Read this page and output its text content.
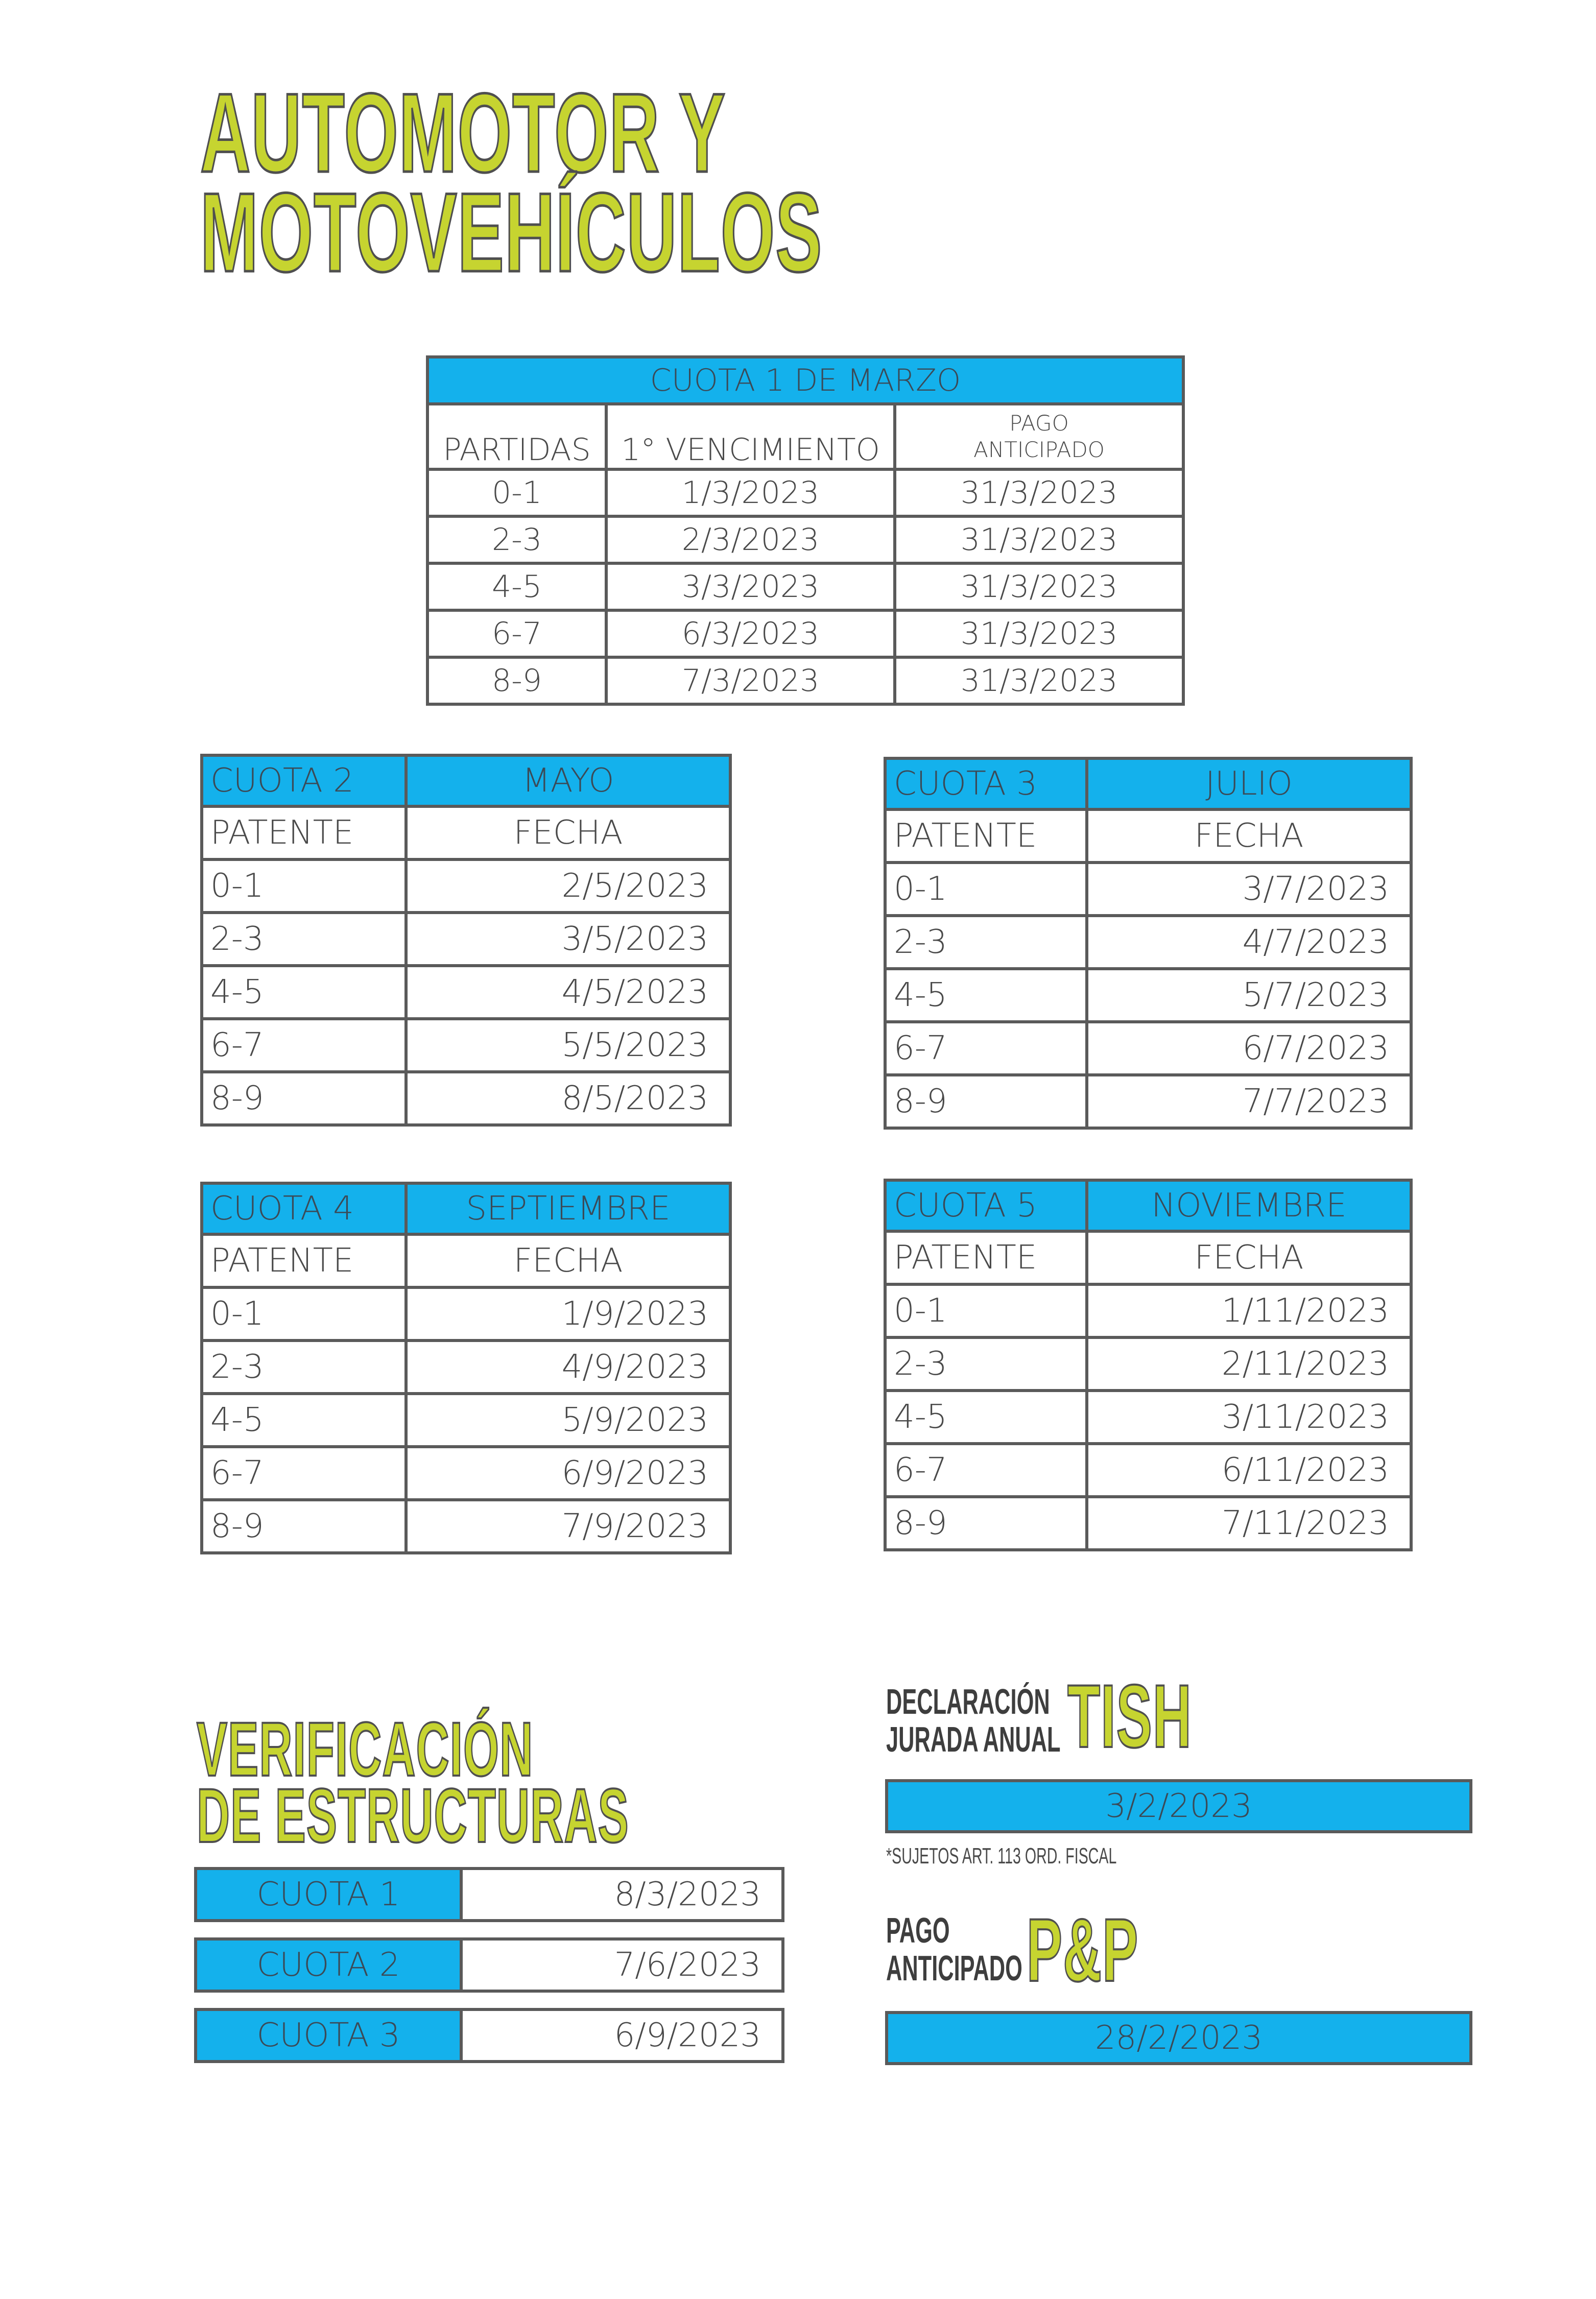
AUTOMOTOR Y
MOTOVEHÍCULOS
CUOTA 1 DE MARZO		
PARTIDAS	1° VENCIMIENTO	PAGO
ANTICIPADO

0-1	1/3/2023	31/3/2023
2-3	2/3/2023	31/3/2023
4-5	3/3/2023	31/3/2023
6-7	6/3/2023	31/3/2023
8-9	7/3/2023	31/3/2023
CUOTA 2	MAYO
PATENTE	FECHA
0-1	2/5/2023
2-3	3/5/2023
4-5	4/5/2023
6-7	5/5/2023
8-9	8/5/2023
CUOTA 3	JULIO
PATENTE	FECHA
0-1	3/7/2023
2-3	4/7/2023
4-5	5/7/2023
6-7	6/7/2023
8-9	7/7/2023
CUOTA 4	SEPTIEMBRE
PATENTE	FECHA
0-1	1/9/2023
2-3	4/9/2023
4-5	5/9/2023
6-7	6/9/2023
8-9	7/9/2023
CUOTA 5	NOVIEMBRE
PATENTE	FECHA
0-1	1/11/2023
2-3	2/11/2023
4-5	3/11/2023
6-7	6/11/2023
8-9	7/11/2023
VERIFICACIÓN
DE ESTRUCTURAS
CUOTA 1	8/3/2023
CUOTA 2	7/6/2023
CUOTA 3	6/9/2023
DECLARACIÓN
JURADA ANUAL TISH
3/2/2023
*SUJETOS ART. 113 ORD. FISCAL
PAGO
ANTICIPADO P&P
28/2/2023
